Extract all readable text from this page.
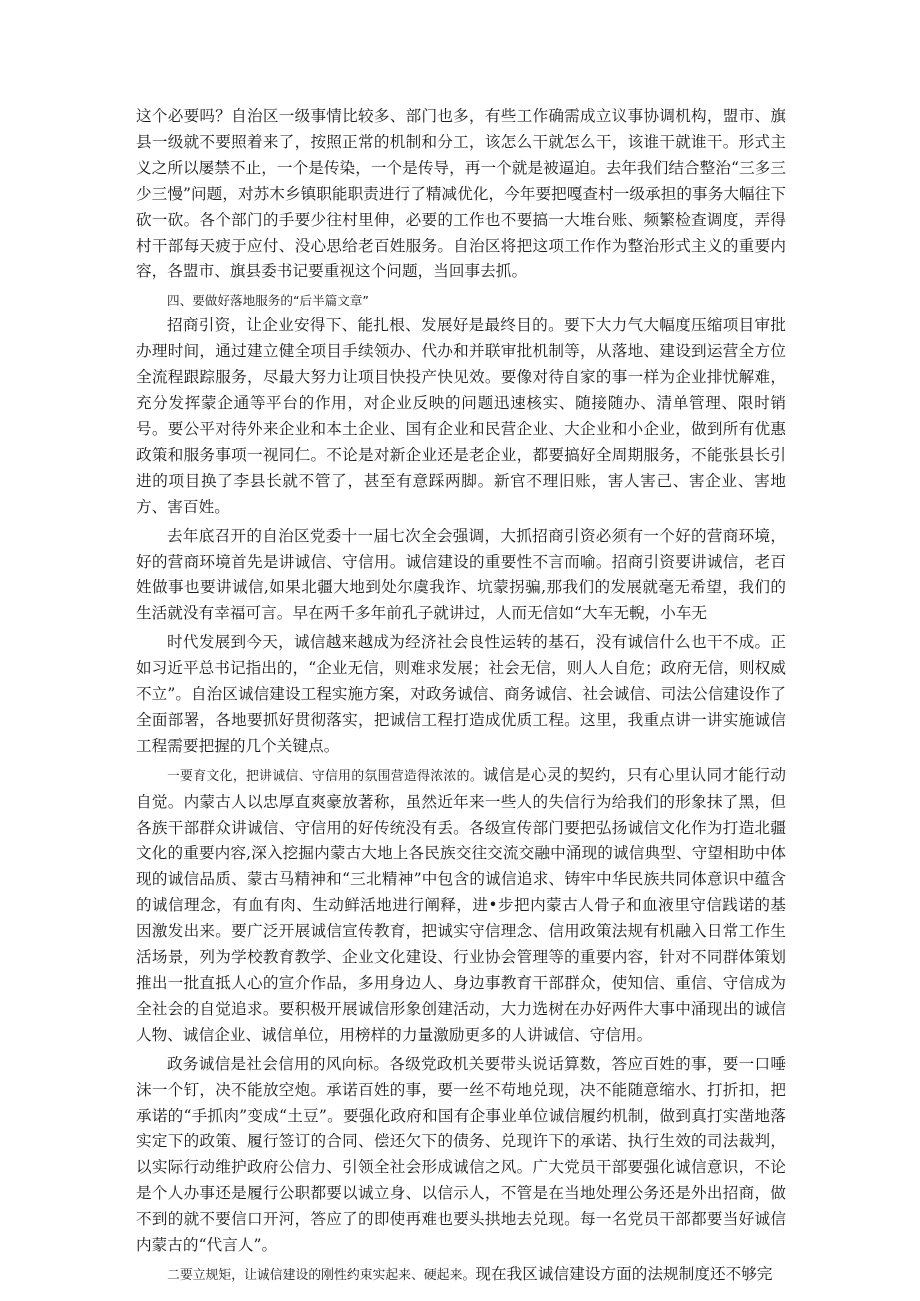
这个必要吗？自治区一级事情比较多、部门也多，有些工作确需成立议事协调机构，盟市、旗县一级就不要照着来了，按照正常的机制和分工，该怎么干就怎么干，该谁干就谁干。形式主义之所以屡禁不止，一个是传染，一个是传导，再一个就是被逼迫。去年我们结合整治“三多三少三慢”问题，对苏木乡镇职能职责进行了精减优化，今年要把嘎查村一级承担的事务大幅往下砍一砍。各个部门的手要少往村里伸，必要的工作也不要搞一大堆台账、频繁检查调度，弄得村干部每天疲于应付、没心思给老百姓服务。自治区将把这项工作作为整治形式主义的重要内容，各盟市、旗县委书记要重视这个问题，当回事去抓。

四、要做好落地服务的“后半篇文章”

招商引资，让企业安得下、能扎根、发展好是最终目的。要下大力气大幅度压缩项目审批办理时间，通过建立健全项目手续领办、代办和并联审批机制等，从落地、建设到运营全方位全流程跟踪服务，尽最大努力让项目快投产快见效。要像对待自家的事一样为企业排忧解难，充分发挥蒙企通等平台的作用，对企业反映的问题迅速核实、随接随办、清单管理、限时销号。要公平对待外来企业和本土企业、国有企业和民营企业、大企业和小企业，做到所有优惠政策和服务事项一视同仁。不论是对新企业还是老企业，都要搞好全周期服务，不能张县长引进的项目换了李县长就不管了，甚至有意踩两脚。新官不理旧账，害人害己、害企业、害地方、害百姓。

去年底召开的自治区党委十一届七次全会强调，大抓招商引资必须有一个好的营商环境，好的营商环境首先是讲诚信、守信用。诚信建设的重要性不言而喻。招商引资要讲诚信，老百姓做事也要讲诚信,如果北疆大地到处尔虞我诈、坑蒙拐骗,那我们的发展就毫无希望，我们的生活就没有幸福可言。早在两千多年前孔子就讲过，人而无信如“大车无輗，小车无

时代发展到今天，诚信越来越成为经济社会良性运转的基石，没有诚信什么也干不成。正如习近平总书记指出的，“企业无信，则难求发展；社会无信，则人人自危；政府无信，则权威不立”。自治区诚信建设工程实施方案，对政务诚信、商务诚信、社会诚信、司法公信建设作了全面部署，各地要抓好贯彻落实，把诚信工程打造成优质工程。这里，我重点讲一讲实施诚信工程需要把握的几个关键点。

一要育文化，把讲诚信、守信用的氛围营造得浓浓的。诚信是心灵的契约，只有心里认同才能行动自觉。内蒙古人以忠厚直爽豪放著称，虽然近年来一些人的失信行为给我们的形象抹了黑，但各族干部群众讲诚信、守信用的好传统没有丢。各级宣传部门要把弘扬诚信文化作为打造北疆文化的重要内容,深入挖掘内蒙古大地上各民族交往交流交融中涌现的诚信典型、守望相助中体现的诚信品质、蒙古马精神和“三北精神”中包含的诚信追求、铸牢中华民族共同体意识中蕴含的诚信理念，有血有肉、生动鲜活地进行阐释，进•步把内蒙古人骨子和血液里守信践诺的基因激发出来。要广泛开展诚信宣传教育，把诚实守信理念、信用政策法规有机融入日常工作生活场景，列为学校教育教学、企业文化建设、行业协会管理等的重要内容，针对不同群体策划推出一批直抵人心的宣介作品，多用身边人、身边事教育干部群众，使知信、重信、守信成为全社会的自觉追求。要积极开展诚信形象创建活动，大力选树在办好两件大事中涌现出的诚信人物、诚信企业、诚信单位，用榜样的力量激励更多的人讲诚信、守信用。

政务诚信是社会信用的风向标。各级党政机关要带头说话算数，答应百姓的事，要一口唾沫一个钉，决不能放空炮。承诺百姓的事，要一丝不苟地兑现，决不能随意缩水、打折扣，把承诺的“手抓肉”变成“土豆”。要强化政府和国有企事业单位诚信履约机制，做到真打实凿地落实定下的政策、履行签订的合同、偿还欠下的债务、兑现许下的承诺、执行生效的司法裁判，以实际行动维护政府公信力、引领全社会形成诚信之风。广大党员干部要强化诚信意识，不论是个人办事还是履行公职都要以诚立身、以信示人，不管是在当地处理公务还是外出招商，做不到的就不要信口开河，答应了的即使再难也要头拱地去兑现。每一名党员干部都要当好诚信内蒙古的“代言人”。

二要立规矩，让诚信建设的刚性约束实起来、硬起来。现在我区诚信建设方面的法规制度还不够完
